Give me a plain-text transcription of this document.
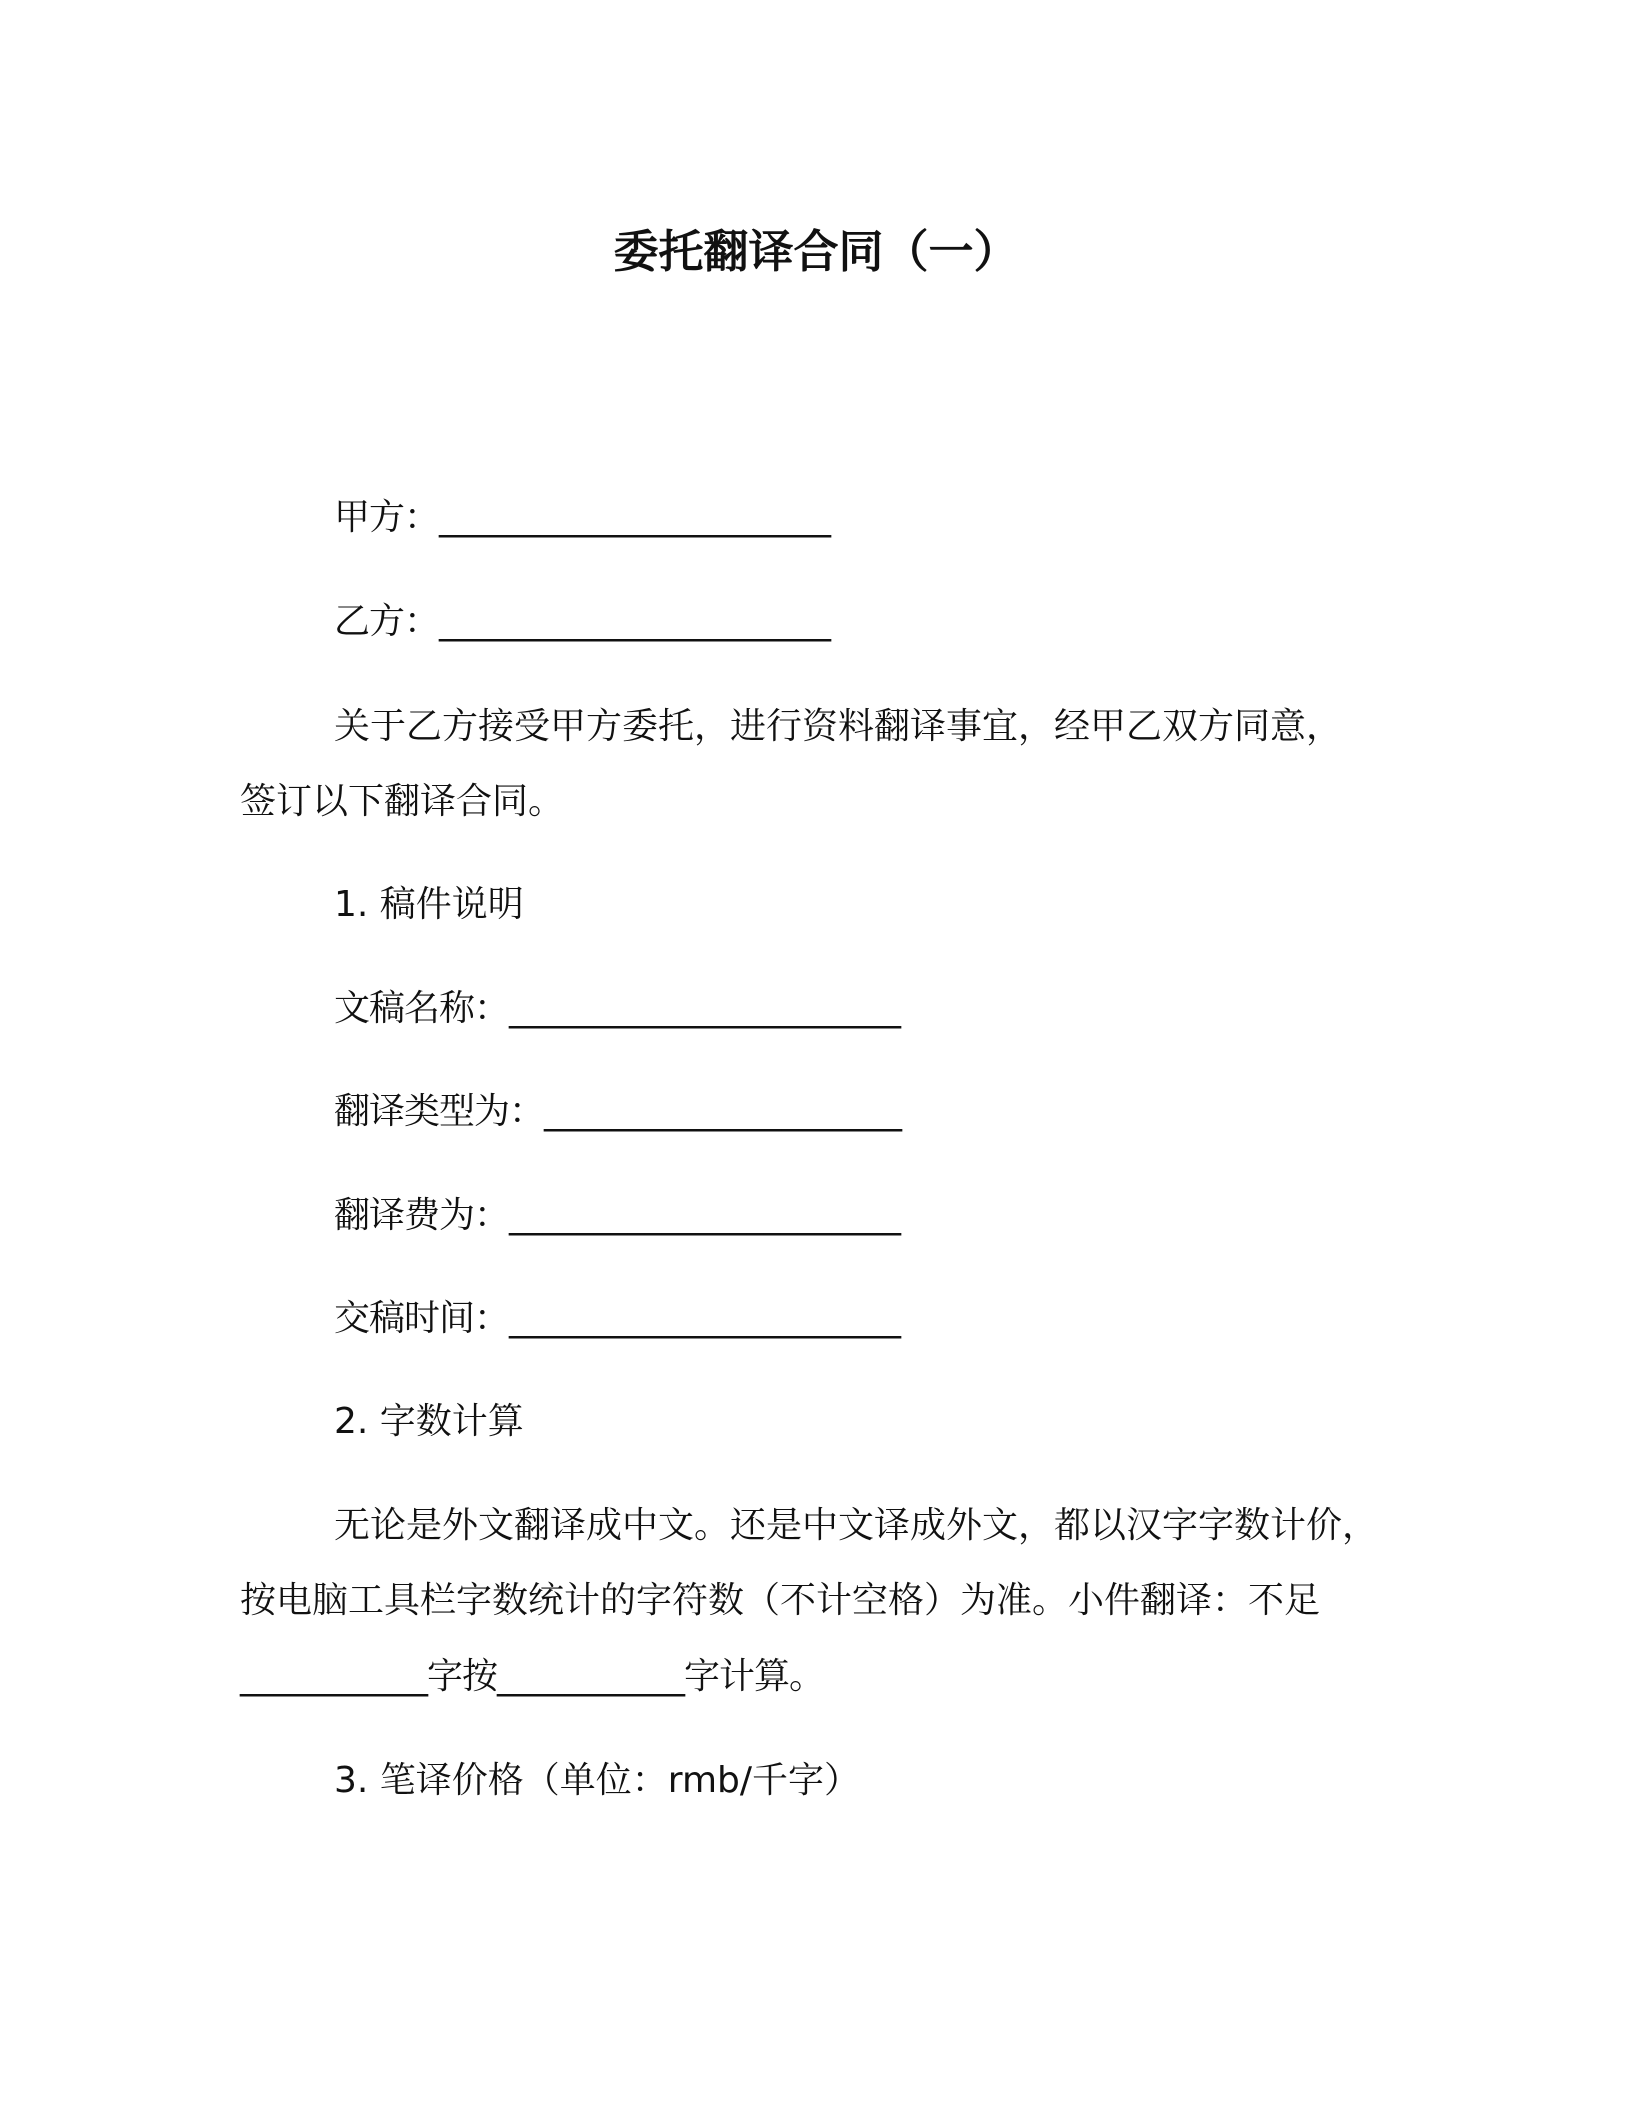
委托翻译合同（一）
甲方：_______________________
乙方：_______________________
关于乙方接受甲方委托，进行资料翻译事宜，经甲乙双方同意，
签订以下翻译合同。
1. 稿件说明
文稿名称：_______________________
翻译类型为：_____________________
翻译费为：_______________________
交稿时间：_______________________
2. 字数计算
无论是外文翻译成中文。还是中文译成外文，都以汉字字数计价，
按电脑工具栏字数统计的字符数（不计空格）为准。小件翻译：不足
___________字按___________字计算。
3. 笔译价格（单位：rmb/千字）
